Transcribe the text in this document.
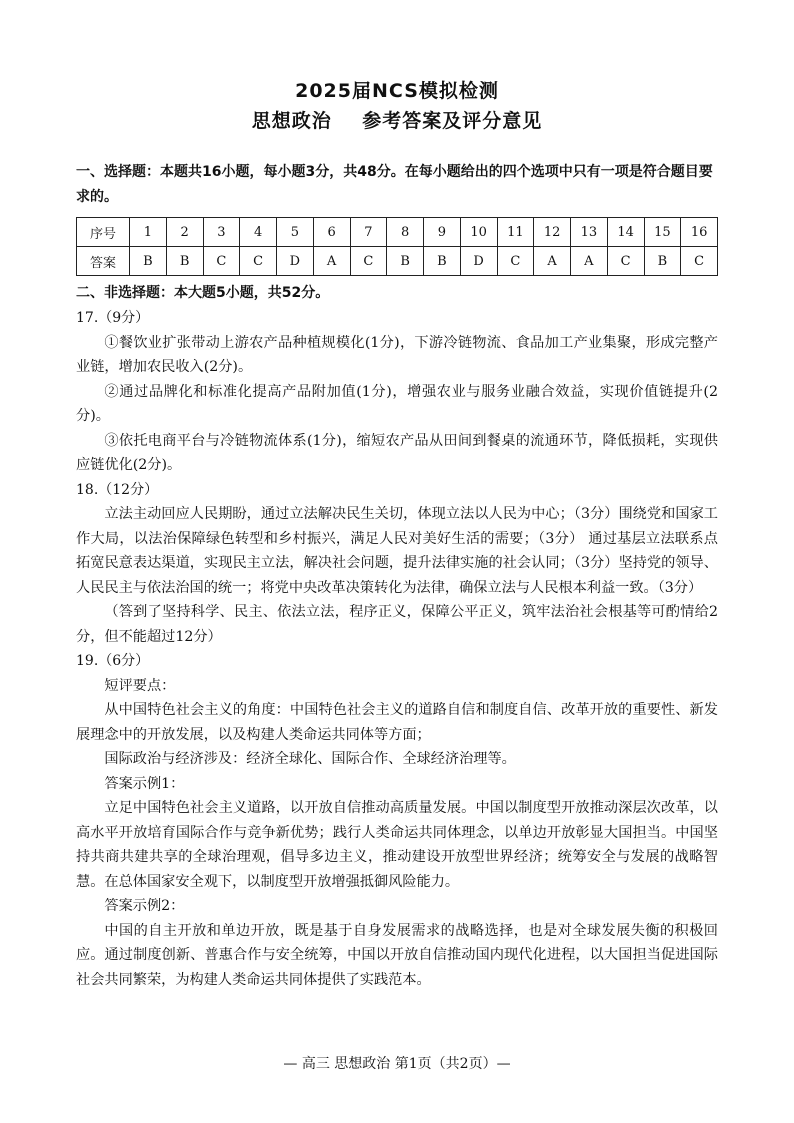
2025届NCS模拟检测
思想政治    参考答案及评分意见

一、选择题：本题共16小题，每小题3分，共48分。在每小题给出的四个选项中只有一项是符合题目要求的。

序号	1	2	3	4	5	6	7	8	9	10	11	12	13	14	15	16
答案	B	B	C	C	D	A	C	B	B	D	C	A	A	C	B	C

二、非选择题：本大题5小题，共52分。

17.（9分）

①餐饮业扩张带动上游农产品种植规模化(1分)，下游冷链物流、食品加工产业集聚，形成完整产业链，增加农民收入(2分)。

②通过品牌化和标准化提高产品附加值(1分)，增强农业与服务业融合效益，实现价值链提升(2分)。

③依托电商平台与冷链物流体系(1分)，缩短农产品从田间到餐桌的流通环节，降低损耗，实现供应链优化(2分)。

18.（12分）

立法主动回应人民期盼，通过立法解决民生关切，体现立法以人民为中心；（3分）围绕党和国家工作大局，以法治保障绿色转型和乡村振兴，满足人民对美好生活的需要；（3分） 通过基层立法联系点拓宽民意表达渠道，实现民主立法，解决社会问题，提升法律实施的社会认同；（3分）坚持党的领导、人民民主与依法治国的统一；将党中央改革决策转化为法律，确保立法与人民根本利益一致。（3分）

（答到了坚持科学、民主、依法立法，程序正义，保障公平正义，筑牢法治社会根基等可酌情给2分，但不能超过12分）

19.（6分）

短评要点：

从中国特色社会主义的角度：中国特色社会主义的道路自信和制度自信、改革开放的重要性、新发展理念中的开放发展，以及构建人类命运共同体等方面；

国际政治与经济涉及：经济全球化、国际合作、全球经济治理等。

答案示例1：

立足中国特色社会主义道路，以开放自信推动高质量发展。中国以制度型开放推动深层次改革，以高水平开放培育国际合作与竞争新优势；践行人类命运共同体理念，以单边开放彰显大国担当。中国坚持共商共建共享的全球治理观，倡导多边主义，推动建设开放型世界经济；统筹安全与发展的战略智慧。在总体国家安全观下，以制度型开放增强抵御风险能力。

答案示例2：

中国的自主开放和单边开放，既是基于自身发展需求的战略选择，也是对全球发展失衡的积极回应。通过制度创新、普惠合作与安全统筹，中国以开放自信推动国内现代化进程，以大国担当促进国际社会共同繁荣，为构建人类命运共同体提供了实践范本。

— 高三 思想政治 第1页（共2页）—
